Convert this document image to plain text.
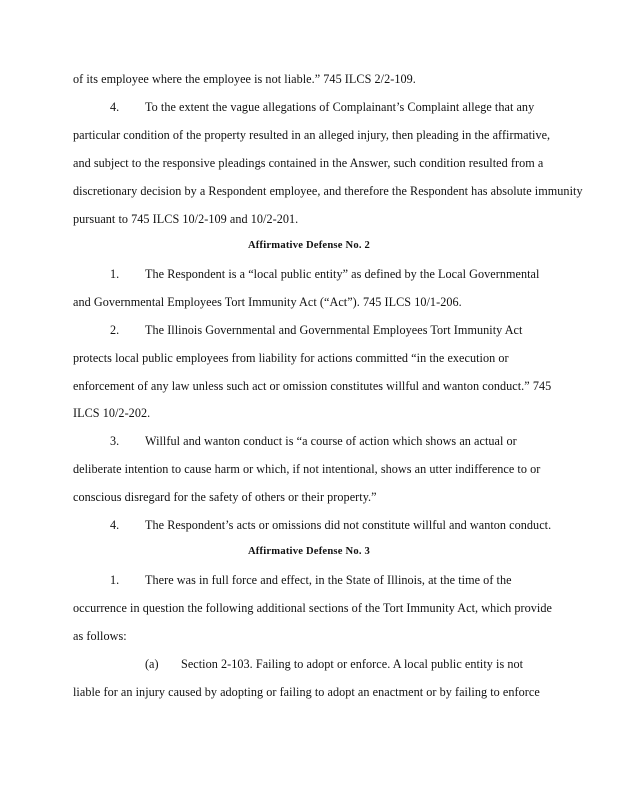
of its employee where the employee is not liable.” 745 ILCS 2/2-109.
4. To the extent the vague allegations of Complainant’s Complaint allege that any
particular condition of the property resulted in an alleged injury, then pleading in the affirmative,
and subject to the responsive pleadings contained in the Answer, such condition resulted from a
discretionary decision by a Respondent employee, and therefore the Respondent has absolute immunity
pursuant to 745 ILCS 10/2-109 and 10/2-201.
Affirmative Defense No. 2
1. The Respondent is a “local public entity” as defined by the Local Governmental
and Governmental Employees Tort Immunity Act (“Act”). 745 ILCS 10/1-206.
2. The Illinois Governmental and Governmental Employees Tort Immunity Act
protects local public employees from liability for actions committed “in the execution or
enforcement of any law unless such act or omission constitutes willful and wanton conduct.” 745
ILCS 10/2-202.
3. Willful and wanton conduct is “a course of action which shows an actual or
deliberate intention to cause harm or which, if not intentional, shows an utter indifference to or
conscious disregard for the safety of others or their property.”
4. The Respondent’s acts or omissions did not constitute willful and wanton conduct.
Affirmative Defense No. 3
1. There was in full force and effect, in the State of Illinois, at the time of the
occurrence in question the following additional sections of the Tort Immunity Act, which provide
as follows:
(a) Section 2-103. Failing to adopt or enforce. A local public entity is not
liable for an injury caused by adopting or failing to adopt an enactment or by failing to enforce
